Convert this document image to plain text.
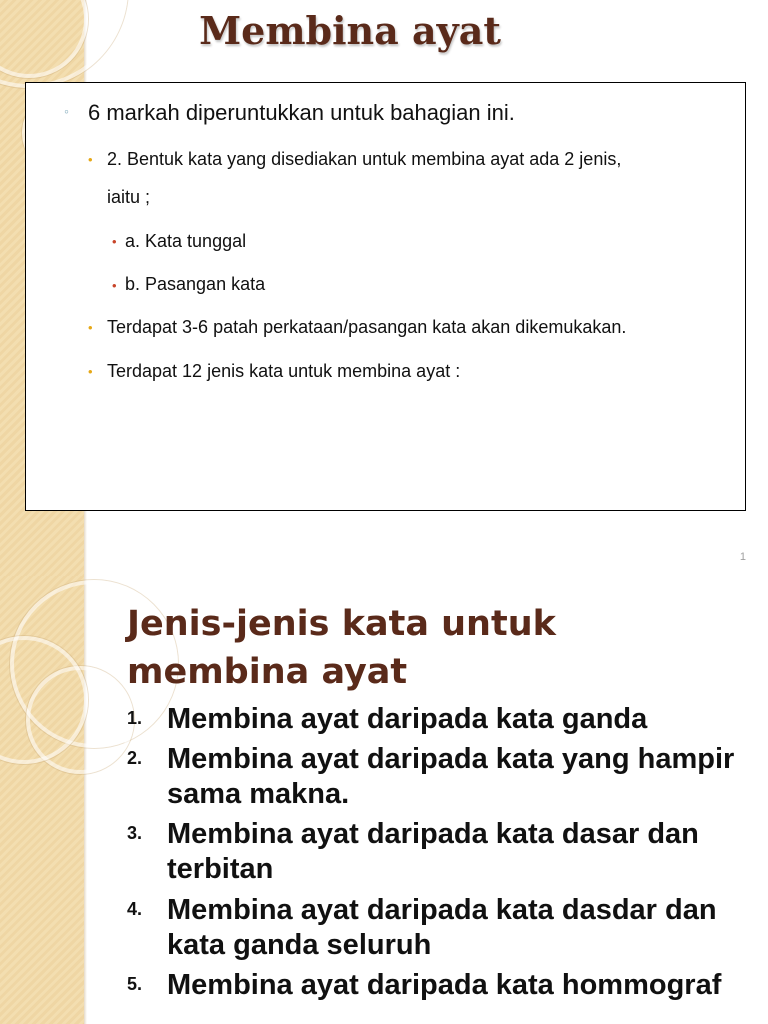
Membina ayat
◦ 6 markah diperuntukkan untuk bahagian ini.

• 2. Bentuk kata yang disediakan untuk membina ayat ada 2 jenis,

iaitu ;

• a. Kata tunggal

• b. Pasangan kata

• Terdapat 3-6 patah perkataan/pasangan kata akan dikemukakan.

• Terdapat 12 jenis kata untuk membina ayat :

1
Jenis-jenis kata untuk membina ayat
1. Membina ayat daripada kata ganda
2. Membina ayat daripada kata yang hampir sama makna.
3. Membina ayat daripada kata dasar dan terbitan
4. Membina ayat daripada kata dasdar dan kata ganda seluruh
5. Membina ayat daripada kata hommograf
